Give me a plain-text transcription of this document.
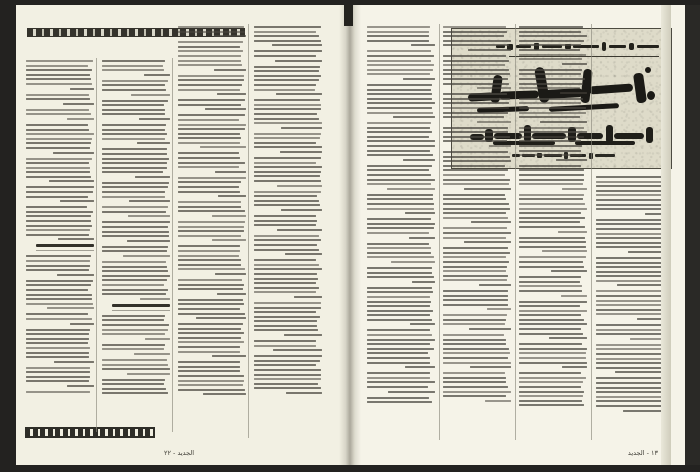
الجديد - ٢٢	١٣ - الجديد
